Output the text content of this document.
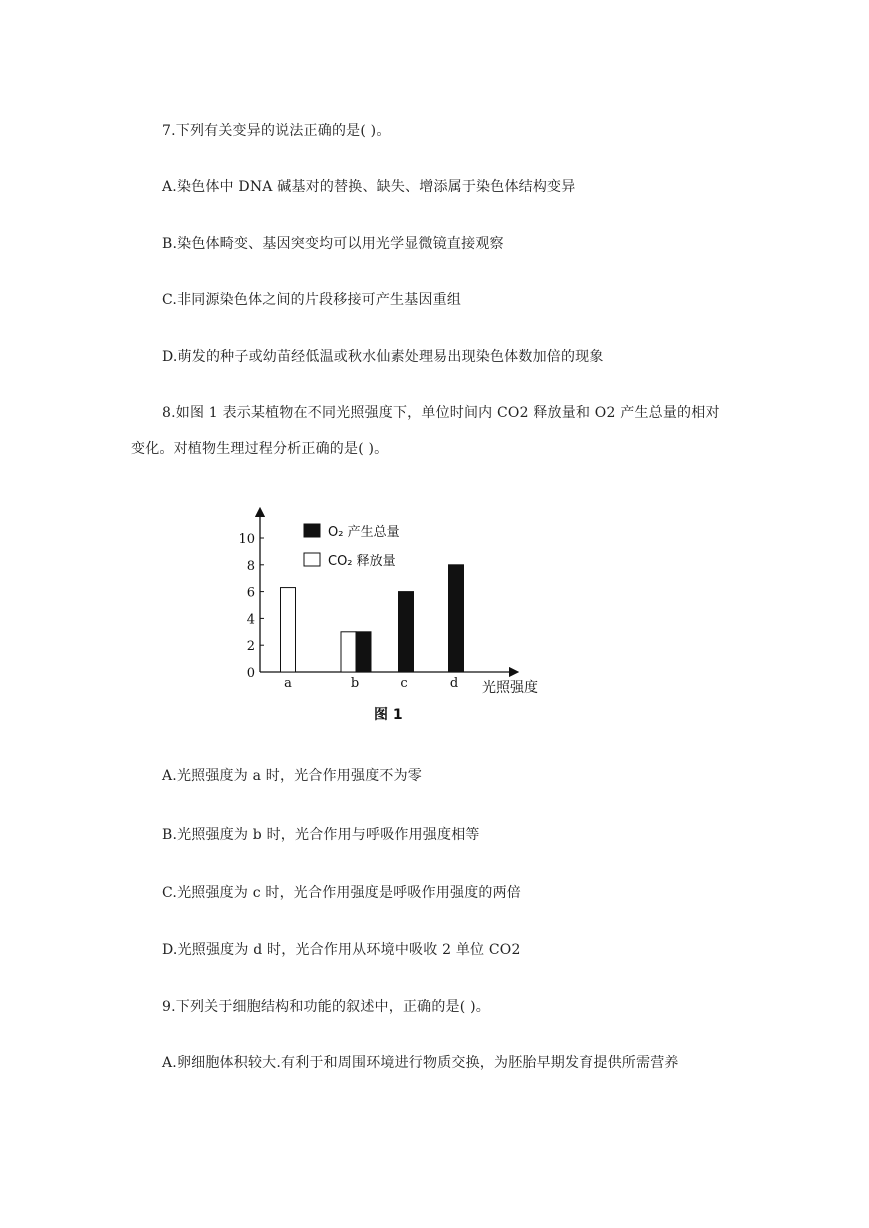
7.下列有关变异的说法正确的是( )。
A.染色体中 DNA 碱基对的替换、缺失、增添属于染色体结构变异
B.染色体畸变、基因突变均可以用光学显微镜直接观察
C.非同源染色体之间的片段移接可产生基因重组
D.萌发的种子或幼苗经低温或秋水仙素处理易出现染色体数加倍的现象
8.如图 1 表示某植物在不同光照强度下，单位时间内 CO2 释放量和 O2 产生总量的相对
变化。对植物生理过程分析正确的是( )。
0
2
4
6
8
10
a	b	c	d
O₂ 产生总量
CO₂ 释放量
光照强度
图 1
A.光照强度为 a 时，光合作用强度不为零
B.光照强度为 b 时，光合作用与呼吸作用强度相等
C.光照强度为 c 时，光合作用强度是呼吸作用强度的两倍
D.光照强度为 d 时，光合作用从环境中吸收 2 单位 CO2
9.下列关于细胞结构和功能的叙述中，正确的是( )。
A.卵细胞体积较大.有利于和周围环境进行物质交换，为胚胎早期发育提供所需营养
